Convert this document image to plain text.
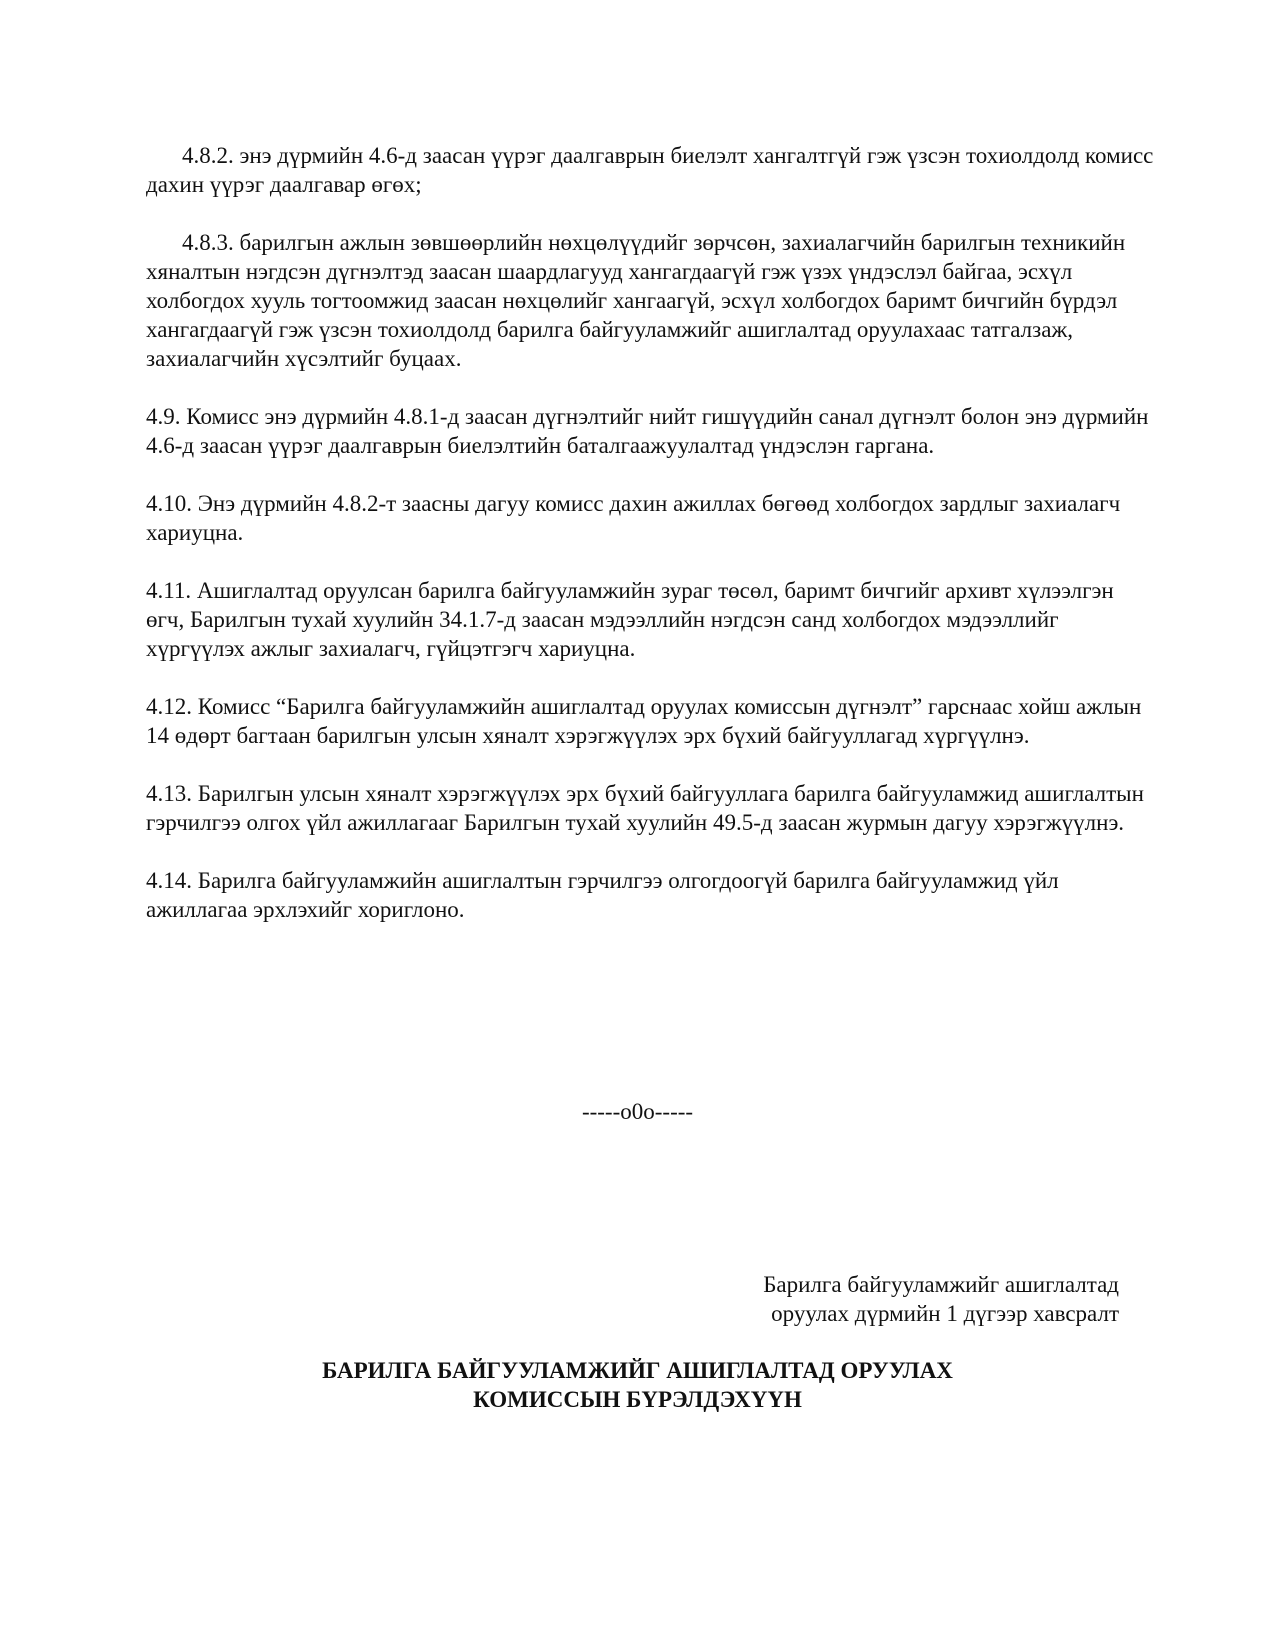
4.8.2. энэ дүрмийн 4.6-д заасан үүрэг даалгаврын биелэлт хангалтгүй гэж үзсэн тохиолдолд комисс дахин үүрэг даалгавар өгөх;

4.8.3. барилгын ажлын зөвшөөрлийн нөхцөлүүдийг зөрчсөн, захиалагчийн барилгын техникийн хяналтын нэгдсэн дүгнэлтэд заасан шаардлагууд хангагдаагүй гэж үзэх үндэслэл байгаа, эсхүл холбогдох хууль тогтоомжид заасан нөхцөлийг хангаагүй, эсхүл холбогдох баримт бичгийн бүрдэл хангагдаагүй гэж үзсэн тохиолдолд барилга байгууламжийг ашиглалтад оруулахаас татгалзаж, захиалагчийн хүсэлтийг буцаах.

4.9. Комисс энэ дүрмийн 4.8.1-д заасан дүгнэлтийг нийт гишүүдийн санал дүгнэлт болон энэ дүрмийн 4.6-д заасан үүрэг даалгаврын биелэлтийн баталгаажуулалтад үндэслэн гаргана.

4.10. Энэ дүрмийн 4.8.2-т заасны дагуу комисс дахин ажиллах бөгөөд холбогдох зардлыг захиалагч хариуцна.

4.11. Ашиглалтад оруулсан барилга байгууламжийн зураг төсөл, баримт бичгийг архивт хүлээлгэн өгч, Барилгын тухай хуулийн 34.1.7-д заасан мэдээллийн нэгдсэн санд холбогдох мэдээллийг хүргүүлэх ажлыг захиалагч, гүйцэтгэгч хариуцна.

4.12. Комисс “Барилга байгууламжийн ашиглалтад оруулах комиссын дүгнэлт” гарснаас хойш ажлын 14 өдөрт багтаан барилгын улсын хяналт хэрэгжүүлэх эрх бүхий байгууллагад хүргүүлнэ.

4.13. Барилгын улсын хяналт хэрэгжүүлэх эрх бүхий байгууллага барилга байгууламжид ашиглалтын гэрчилгээ олгох үйл ажиллагааг Барилгын тухай хуулийн 49.5-д заасан журмын дагуу хэрэгжүүлнэ.

4.14. Барилга байгууламжийн ашиглалтын гэрчилгээ олгогдоогүй барилга байгууламжид үйл ажиллагаа эрхлэхийг хориглоно.

-----o0o-----
Барилга байгууламжийг ашиглалтад
оруулах дүрмийн 1 дүгээр хавсралт
БАРИЛГА БАЙГУУЛАМЖИЙГ АШИГЛАЛТАД ОРУУЛАХ
КОМИССЫН БҮРЭЛДЭХҮҮН
